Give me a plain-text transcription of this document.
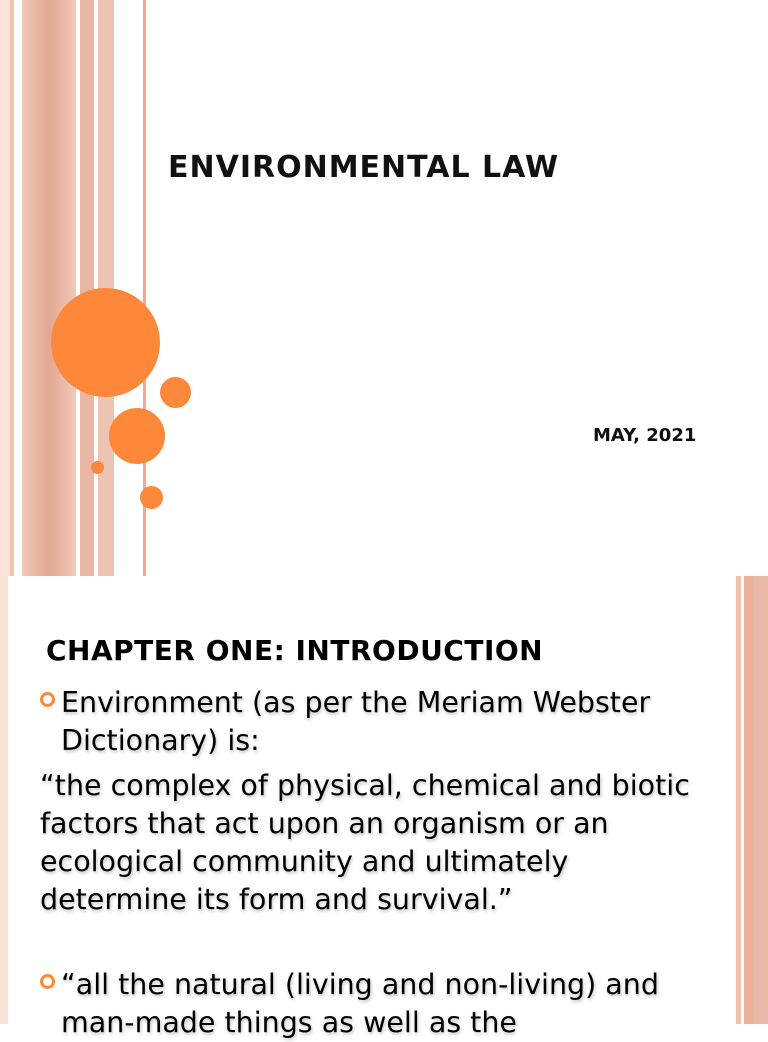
ENVIRONMENTAL LAW
MAY, 2021
CHAPTER ONE: INTRODUCTION
Environment (as per the Meriam Webster Dictionary) is:
“the complex of physical, chemical and biotic factors that act upon an organism or an ecological community and ultimately determine its form and survival.”
“all the natural (living and non-living) and man-made things as well as the
